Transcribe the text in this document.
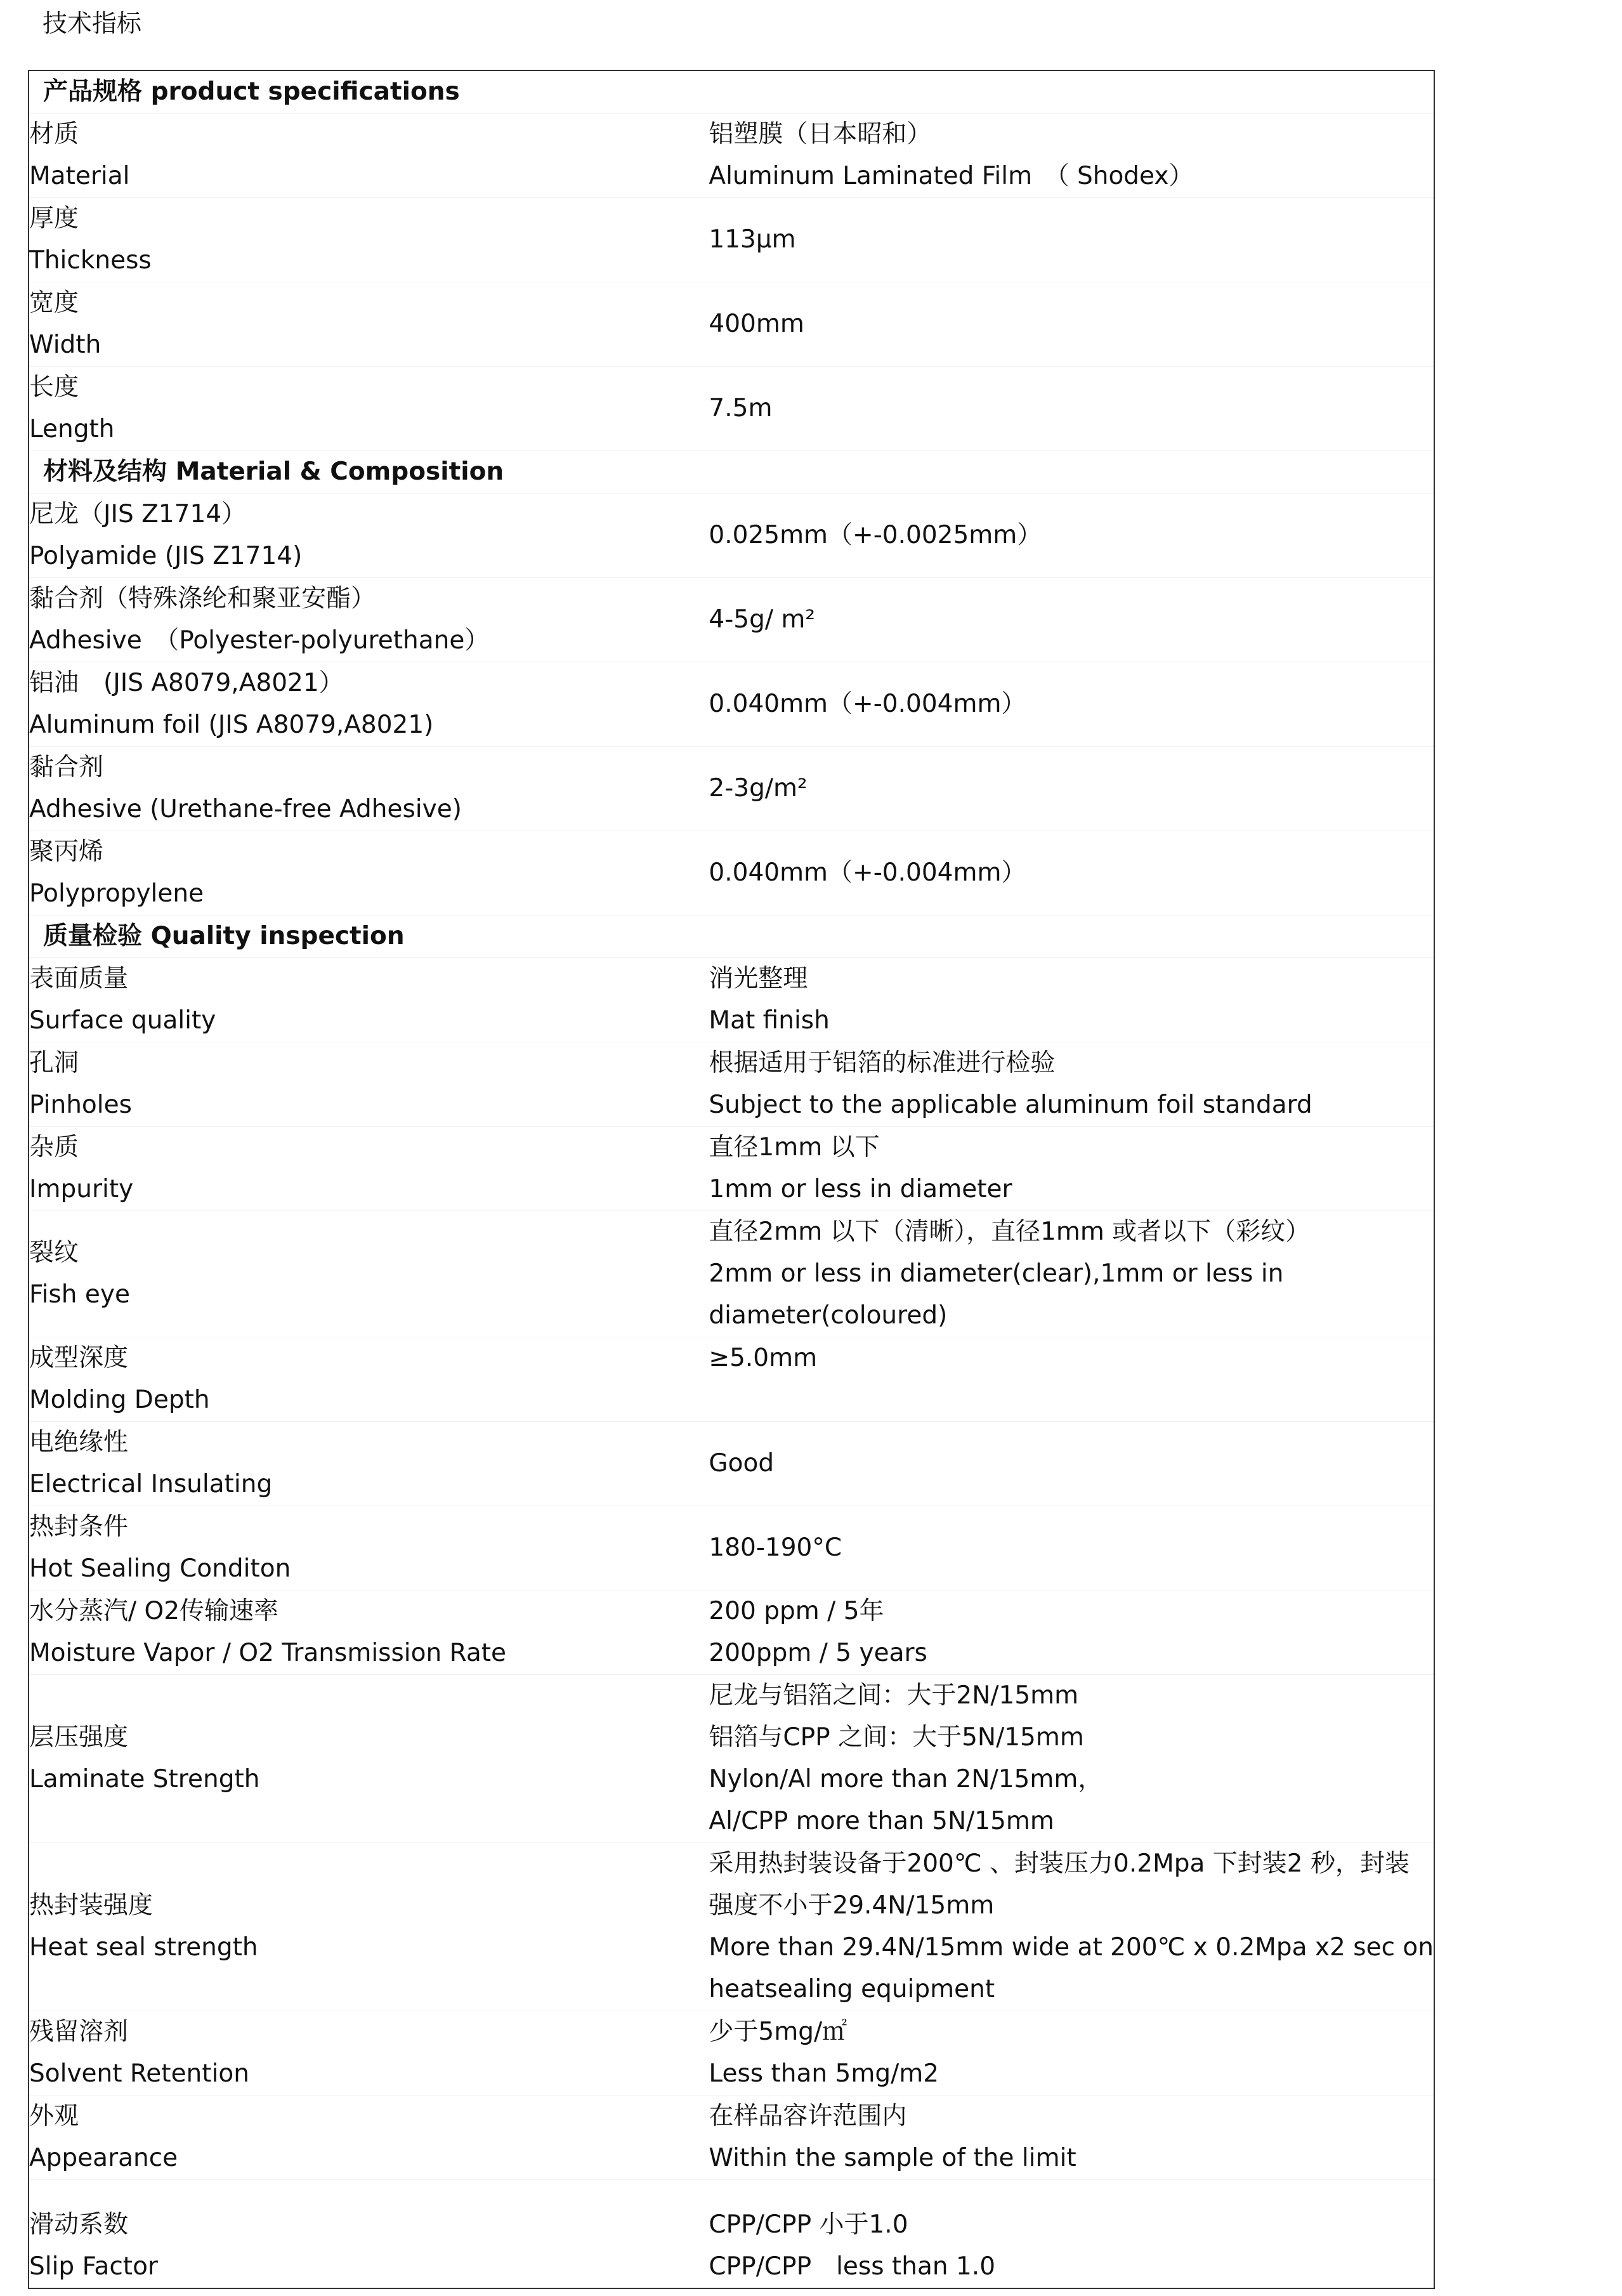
技术指标
产品规格 product specifications	

材质
Material	铝塑膜（日本昭和）
Aluminum Laminated Film　（ Shodex）

厚度
Thickness	113μm

宽度
Width	400mm

长度
Length	7.5m

材料及结构 Material & Composition	

尼龙（JIS Z1714）
Polyamide (JIS Z1714)	0.025mm（+-0.0025mm）

黏合剂（特殊涤纶和聚亚安酯）
Adhesive　（Polyester-polyurethane）	4-5g/ m²

铝油　(JIS A8079,A8021）
Aluminum foil (JIS A8079,A8021)	0.040mm（+-0.004mm）

黏合剂
Adhesive (Urethane-free Adhesive)	2-3g/m²

聚丙烯
Polypropylene	0.040mm（+-0.004mm）

质量检验 Quality inspection	

表面质量
Surface quality	消光整理
Mat finish

孔洞
Pinholes	根据适用于铝箔的标准进行检验
Subject to the applicable aluminum foil standard

杂质
Impurity	直径1mm 以下
1mm or less in diameter

裂纹
Fish eye	直径2mm 以下（清晰），直径1mm 或者以下（彩纹）
2mm or less in diameter(clear),1mm or less in
diameter(coloured)

成型深度
Molding Depth	≥5.0mm

电绝缘性
Electrical Insulating	Good

热封条件
Hot Sealing Conditon	180-190°C

水分蒸汽/ O2传输速率
Moisture Vapor / O2 Transmission Rate	200 ppm / 5年
200ppm / 5 years

层压强度
Laminate Strength	尼龙与铝箔之间：大于2N/15mm
铝箔与CPP 之间：大于5N/15mm
Nylon/Al more than 2N/15mm，
Al/CPP more than 5N/15mm

热封装强度
Heat seal strength	采用热封装设备于200℃ 、封装压力0.2Mpa 下封装2 秒，封装
强度不小于29.4N/15mm
More than 29.4N/15mm wide at 200℃ x 0.2Mpa x2 sec on
heatsealing equipment

残留溶剂
Solvent Retention	少于5mg/㎡
Less than 5mg/m2

外观
Appearance	在样品容许范围内
Within the sample of the limit

滑动系数
Slip Factor	CPP/CPP 小于1.0
CPP/CPP　less than 1.0
